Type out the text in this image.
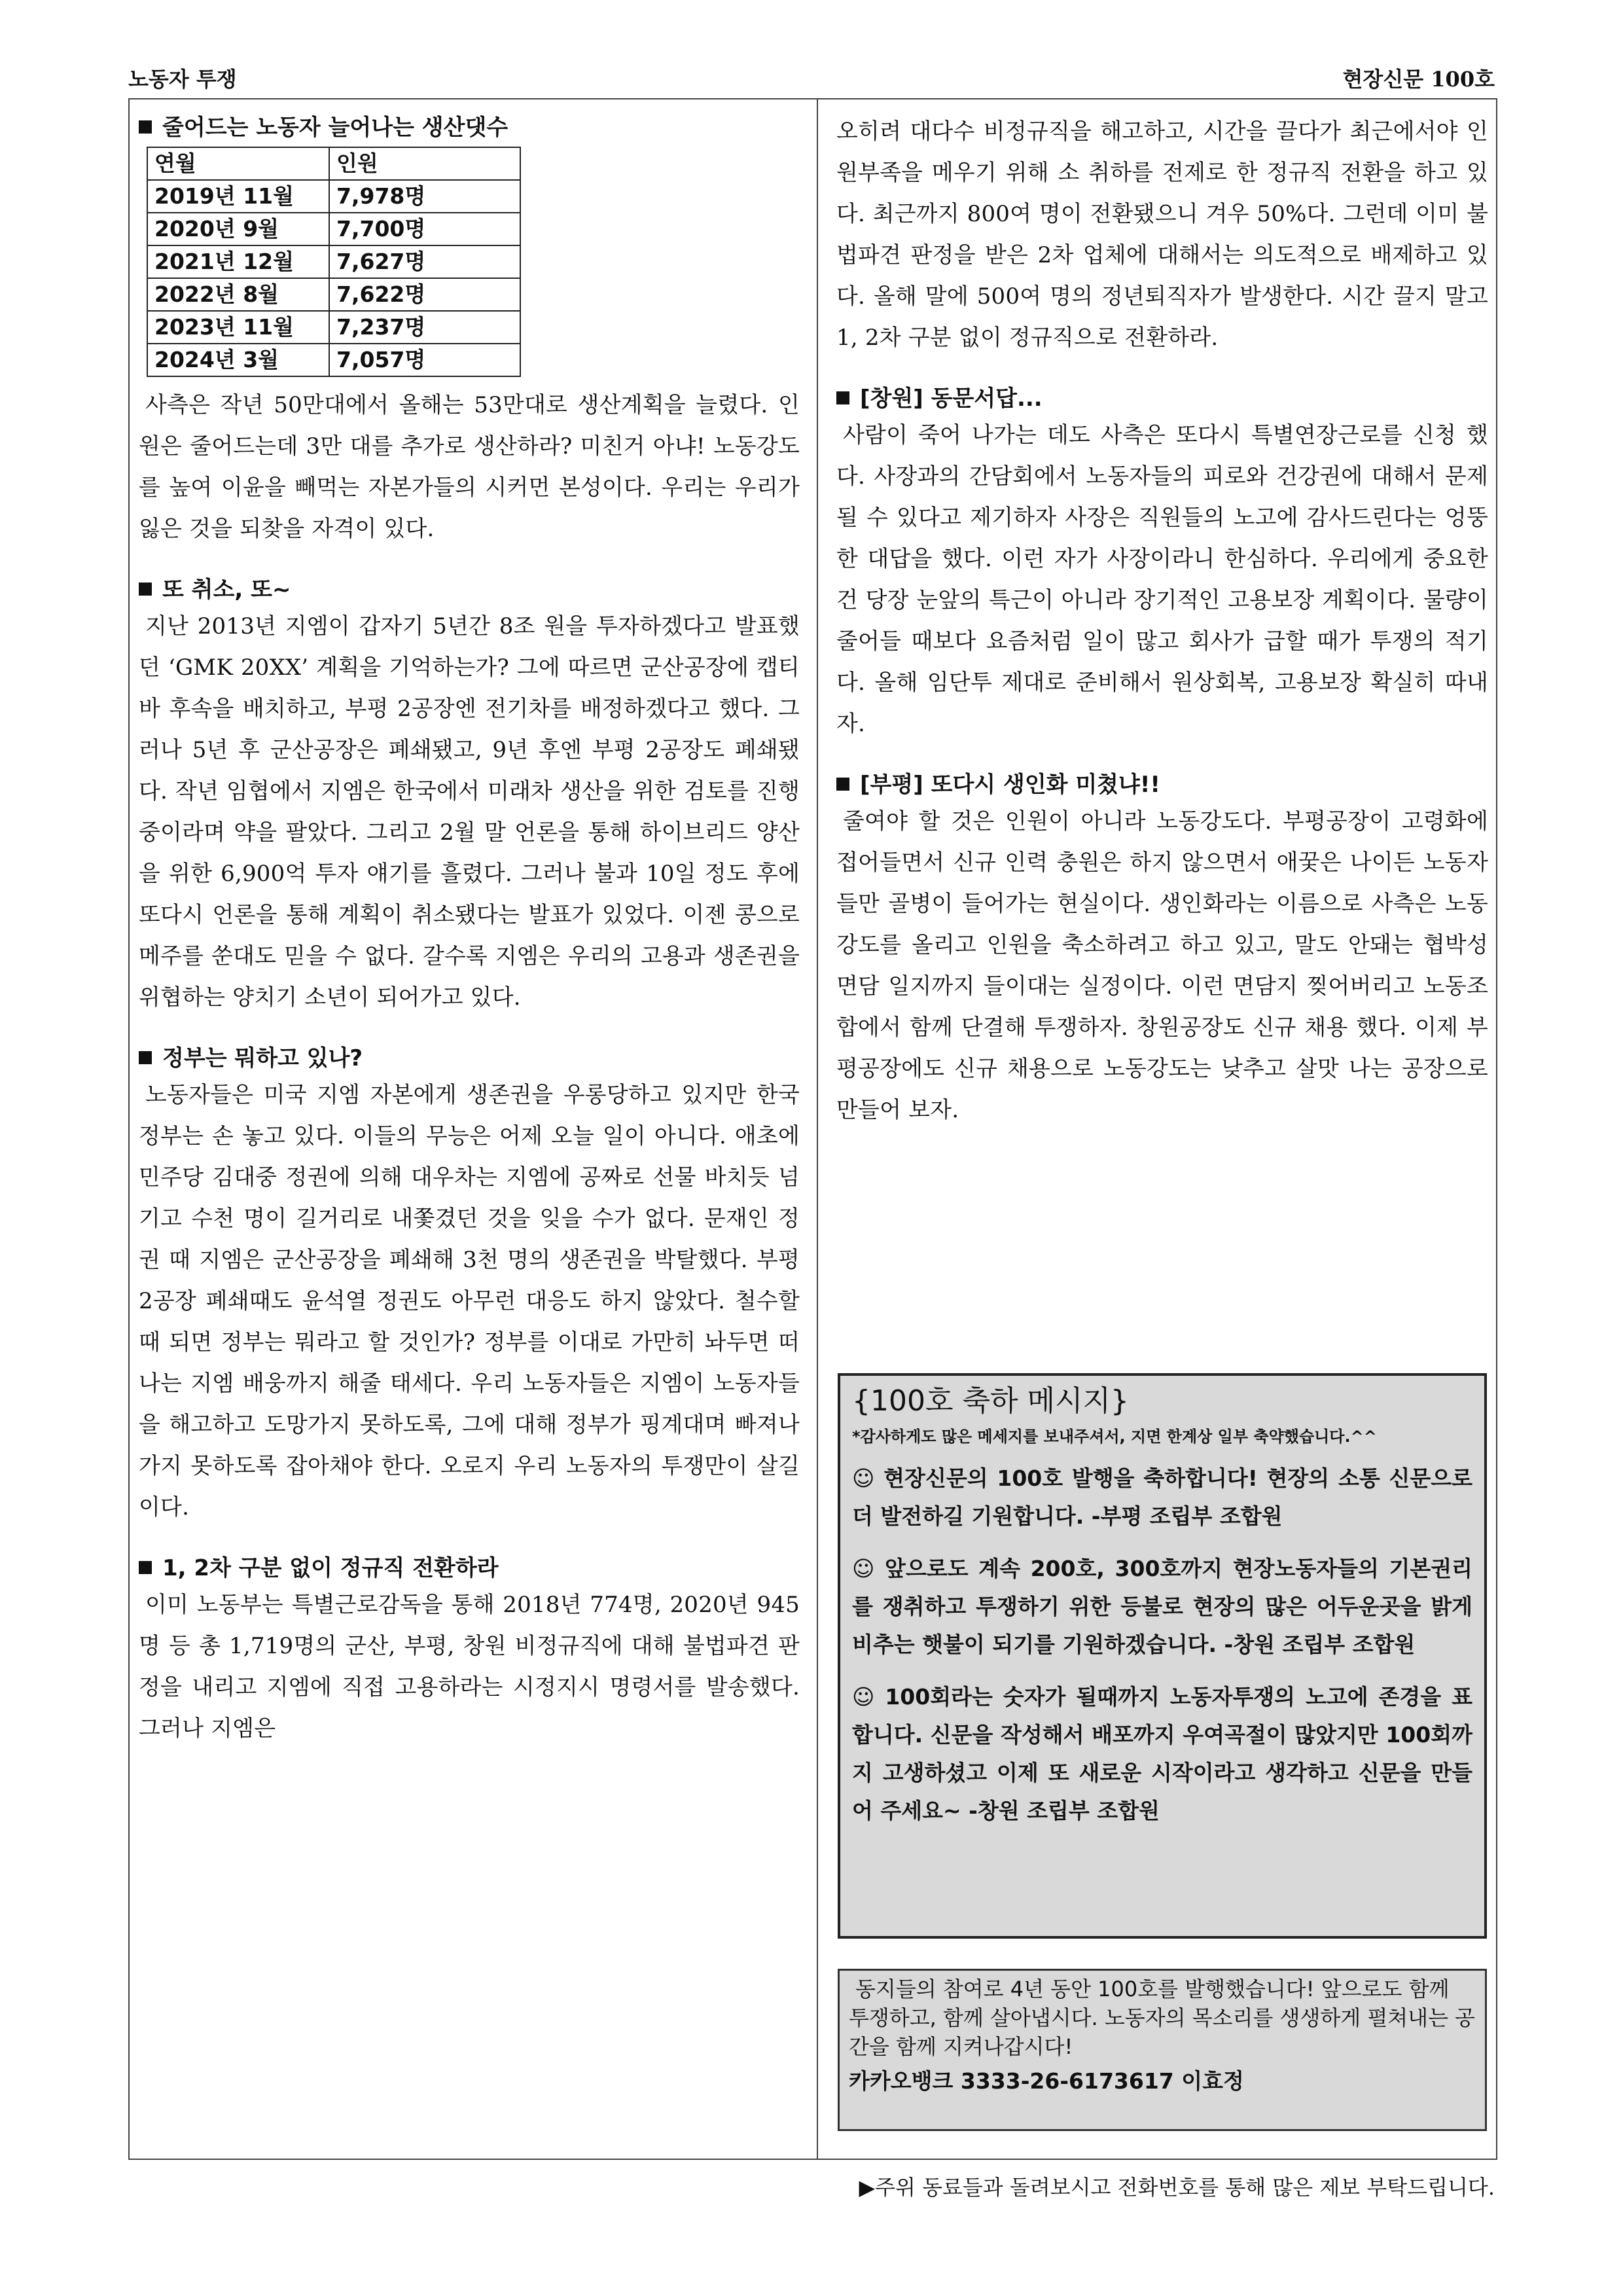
노동자 투쟁	현장신문 100호
줄어드는 노동자 늘어나는 생산댓수
연월	인원
2019년 11월	7,978명
2020년 9월	7,700명
2021년 12월	7,627명
2022년 8월	7,622명
2023년 11월	7,237명
2024년 3월	7,057명

사측은 작년 50만대에서 올해는 53만대로 생산계획을 늘렸다. 인원은 줄어드는데 3만 대를 추가로 생산하라? 미친거 아냐! 노동강도를 높여 이윤을 빼먹는 자본가들의 시커먼 본성이다. 우리는 우리가 잃은 것을 되찾을 자격이 있다.

또 취소, 또~

지난 2013년 지엠이 갑자기 5년간 8조 원을 투자하겠다고 발표했던 ‘GMK 20XX’ 계획을 기억하는가? 그에 따르면 군산공장에 캡티바 후속을 배치하고, 부평 2공장엔 전기차를 배정하겠다고 했다. 그러나 5년 후 군산공장은 폐쇄됐고, 9년 후엔 부평 2공장도 폐쇄됐다. 작년 임협에서 지엠은 한국에서 미래차 생산을 위한 검토를 진행 중이라며 약을 팔았다. 그리고 2월 말 언론을 통해 하이브리드 양산을 위한 6,900억 투자 얘기를 흘렸다. 그러나 불과 10일 정도 후에 또다시 언론을 통해 계획이 취소됐다는 발표가 있었다. 이젠 콩으로 메주를 쑨대도 믿을 수 없다. 갈수록 지엠은 우리의 고용과 생존권을 위협하는 양치기 소년이 되어가고 있다.

정부는 뭐하고 있나?

노동자들은 미국 지엠 자본에게 생존권을 우롱당하고 있지만 한국 정부는 손 놓고 있다. 이들의 무능은 어제 오늘 일이 아니다. 애초에 민주당 김대중 정권에 의해 대우차는 지엠에 공짜로 선물 바치듯 넘기고 수천 명이 길거리로 내쫓겼던 것을 잊을 수가 없다. 문재인 정권 때 지엠은 군산공장을 폐쇄해 3천 명의 생존권을 박탈했다. 부평2공장 폐쇄때도 윤석열 정권도 아무런 대응도 하지 않았다. 철수할 때 되면 정부는 뭐라고 할 것인가? 정부를 이대로 가만히 놔두면 떠나는 지엠 배웅까지 해줄 태세다. 우리 노동자들은 지엠이 노동자들을 해고하고 도망가지 못하도록, 그에 대해 정부가 핑계대며 빠져나가지 못하도록 잡아채야 한다. 오로지 우리 노동자의 투쟁만이 살길이다.

1, 2차 구분 없이 정규직 전환하라

이미 노동부는 특별근로감독을 통해 2018년 774명, 2020년 945명 등 총 1,719명의 군산, 부평, 창원 비정규직에 대해 불법파견 판정을 내리고 지엠에 직접 고용하라는 시정지시 명령서를 발송했다. 그러나 지엠은

오히려 대다수 비정규직을 해고하고, 시간을 끌다가 최근에서야 인원부족을 메우기 위해 소 취하를 전제로 한 정규직 전환을 하고 있다. 최근까지 800여 명이 전환됐으니 겨우 50%다. 그런데 이미 불법파견 판정을 받은 2차 업체에 대해서는 의도적으로 배제하고 있다. 올해 말에 500여 명의 정년퇴직자가 발생한다. 시간 끌지 말고 1, 2차 구분 없이 정규직으로 전환하라.

[창원] 동문서답...

사람이 죽어 나가는 데도 사측은 또다시 특별연장근로를 신청 했다. 사장과의 간담회에서 노동자들의 피로와 건강권에 대해서 문제 될 수 있다고 제기하자 사장은 직원들의 노고에 감사드린다는 엉뚱한 대답을 했다. 이런 자가 사장이라니 한심하다. 우리에게 중요한 건 당장 눈앞의 특근이 아니라 장기적인 고용보장 계획이다. 물량이 줄어들 때보다 요즘처럼 일이 많고 회사가 급할 때가 투쟁의 적기다. 올해 임단투 제대로 준비해서 원상회복, 고용보장 확실히 따내자.

[부평] 또다시 생인화 미쳤냐!!

줄여야 할 것은 인원이 아니라 노동강도다. 부평공장이 고령화에 접어들면서 신규 인력 충원은 하지 않으면서 애꿎은 나이든 노동자들만 골병이 들어가는 현실이다. 생인화라는 이름으로 사측은 노동강도를 올리고 인원을 축소하려고 하고 있고, 말도 안돼는 협박성 면담 일지까지 들이대는 실정이다. 이런 면담지 찢어버리고 노동조합에서 함께 단결해 투쟁하자. 창원공장도 신규 채용 했다. 이제 부평공장에도 신규 채용으로 노동강도는 낮추고 살맛 나는 공장으로 만들어 보자.

{100호 축하 메시지}
*감사하게도 많은 메세지를 보내주셔서, 지면 한계상 일부 축약했습니다.^^

☺ 현장신문의 100호 발행을 축하합니다! 현장의 소통 신문으로 더 발전하길 기원합니다. -부평 조립부 조합원

☺ 앞으로도 계속 200호, 300호까지 현장노동자들의 기본권리를 쟁취하고 투쟁하기 위한 등불로 현장의 많은 어두운곳을 밝게 비추는 햇불이 되기를 기원하겠습니다. -창원 조립부 조합원

☺ 100회라는 숫자가 될때까지 노동자투쟁의 노고에 존경을 표합니다. 신문을 작성해서 배포까지 우여곡절이 많았지만 100회까지 고생하셨고 이제 또 새로운 시작이라고 생각하고 신문을 만들어 주세요~ -창원 조립부 조합원

동지들의 참여로 4년 동안 100호를 발행했습니다! 앞으로도 함께 투쟁하고, 함께 살아냅시다. 노동자의 목소리를 생생하게 펼쳐내는 공간을 함께 지켜나갑시다!

카카오뱅크 3333-26-6173617 이효정
▶주위 동료들과 돌려보시고 전화번호를 통해 많은 제보 부탁드립니다.
